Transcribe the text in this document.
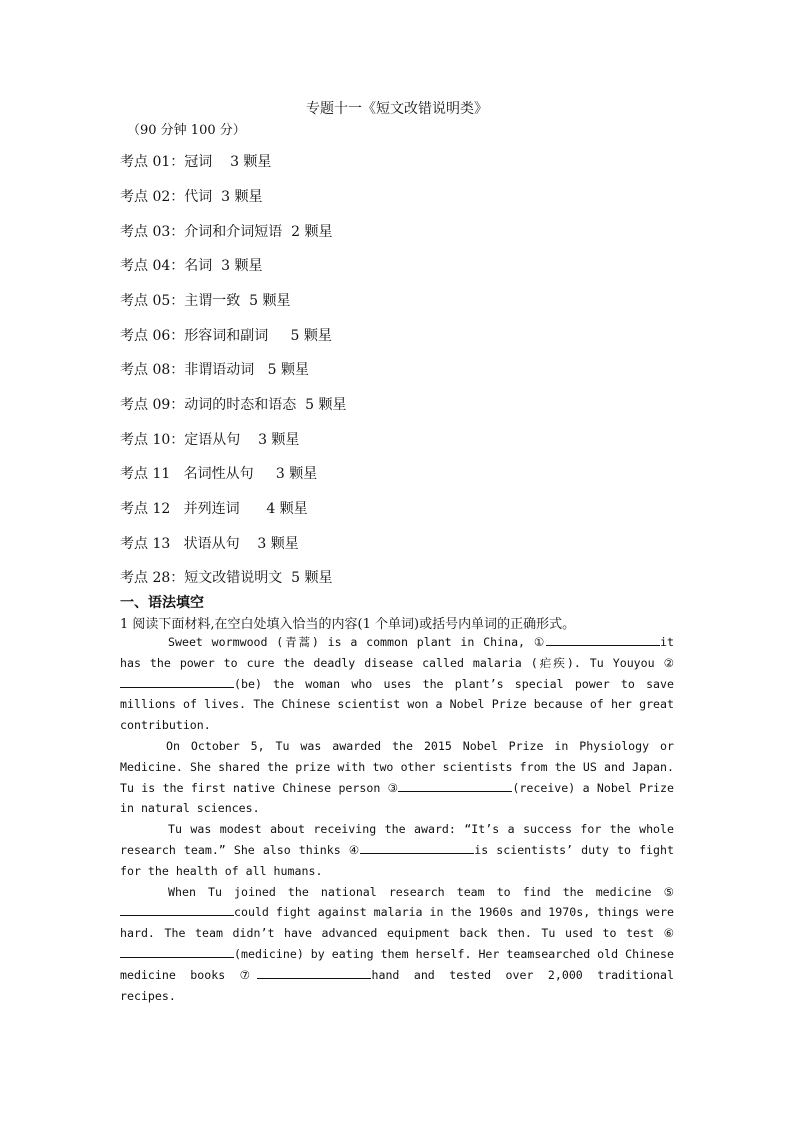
专题十一《短文改错说明类》
（90 分钟 100 分）
考点 01：冠词    3 颗星
考点 02：代词  3 颗星
考点 03：介词和介词短语  2 颗星
考点 04：名词  3 颗星
考点 05：主谓一致  5 颗星
考点 06：形容词和副词     5 颗星
考点 08：非谓语动词   5 颗星
考点 09：动词的时态和语态  5 颗星
考点 10：定语从句    3 颗星
考点 11   名词性从句     3 颗星
考点 12   并列连词      4 颗星
考点 13   状语从句    3 颗星
考点 28：短文改错说明文  5 颗星
一、语法填空
1 阅读下面材料,在空白处填入恰当的内容(1 个单词)或括号内单词的正确形式。

Sweet wormwood (青蒿) is a common plant in China, ①	it has the power to cure the deadly disease called malaria (疟疾). Tu Youyou ②(be) the woman who uses the plant’s special power to save millions of lives. The Chinese scientist won a Nobel Prize because of her great contribution.

On October 5, Tu was awarded the 2015 Nobel Prize in Physiology or Medicine. She shared the prize with two other scientists from the US and Japan. Tu is the first native Chinese person ③	(receive) a Nobel Prize in natural sciences.

Tu was modest about receiving the award: “It’s a success for the whole research team.” She also thinks ④	is scientists’ duty to fight for the health of all humans.

When Tu joined the national research team to find the medicine ⑤could fight against malaria in the 1960s and 1970s, things were hard. The team didn’t have advanced equipment back then. Tu used to test ⑥(medicine) by eating them herself. Her teamsearched old Chinese medicine books ⑦	hand and tested over 2,000 traditional recipes.
